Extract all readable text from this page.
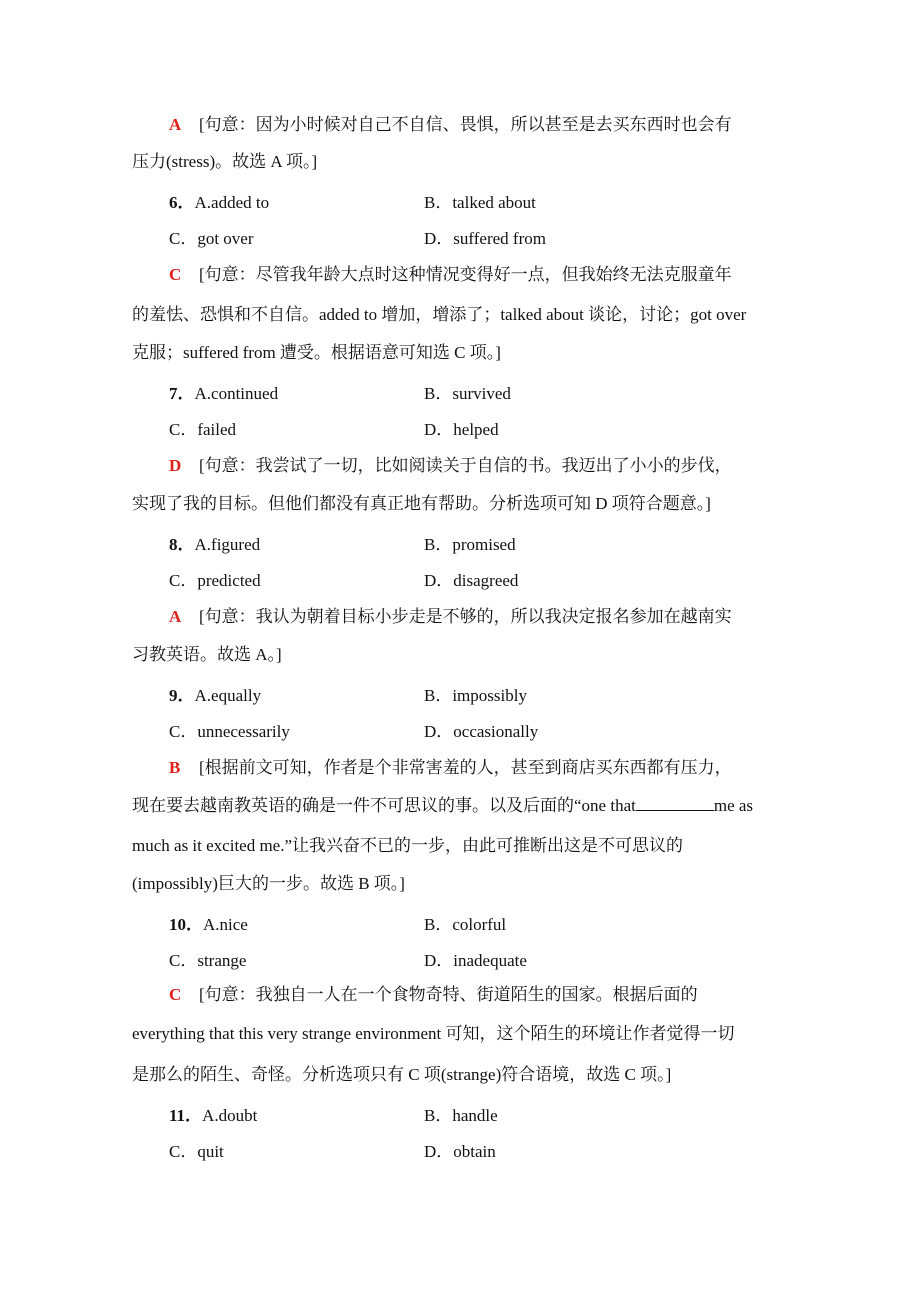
A [句意：因为小时候对自己不自信、畏惧，所以甚至是去买东西时也会有
压力(stress)。故选 A 项。]
6．A.added to	B．talked about
C．got over	D．suffered from
C [句意：尽管我年龄大点时这种情况变得好一点，但我始终无法克服童年
的羞怯、恐惧和不自信。added to 增加，增添了；talked about 谈论，讨论；got over
克服；suffered from 遭受。根据语意可知选 C 项。]
7．A.continued	B．survived
C．failed	D．helped
D [句意：我尝试了一切，比如阅读关于自信的书。我迈出了小小的步伐，
实现了我的目标。但他们都没有真正地有帮助。分析选项可知 D 项符合题意。]
8．A.figured	B．promised
C．predicted	D．disagreed
A [句意：我认为朝着目标小步走是不够的，所以我决定报名参加在越南实
习教英语。故选 A。]
9．A.equally	B．impossibly
C．unnecessarily	D．occasionally
B [根据前文可知，作者是个非常害羞的人，甚至到商店买东西都有压力，
现在要去越南教英语的确是一件不可思议的事。以及后面的“one that	me as
much as it excited me.”让我兴奋不已的一步，由此可推断出这是不可思议的
(impossibly)巨大的一步。故选 B 项。]
10．A.nice	B．colorful
C．strange	D．inadequate
C [句意：我独自一人在一个食物奇特、街道陌生的国家。根据后面的
everything that this very strange environment 可知，这个陌生的环境让作者觉得一切
是那么的陌生、奇怪。分析选项只有 C 项(strange)符合语境，故选 C 项。]
11．A.doubt	B．handle
C．quit	D．obtain
